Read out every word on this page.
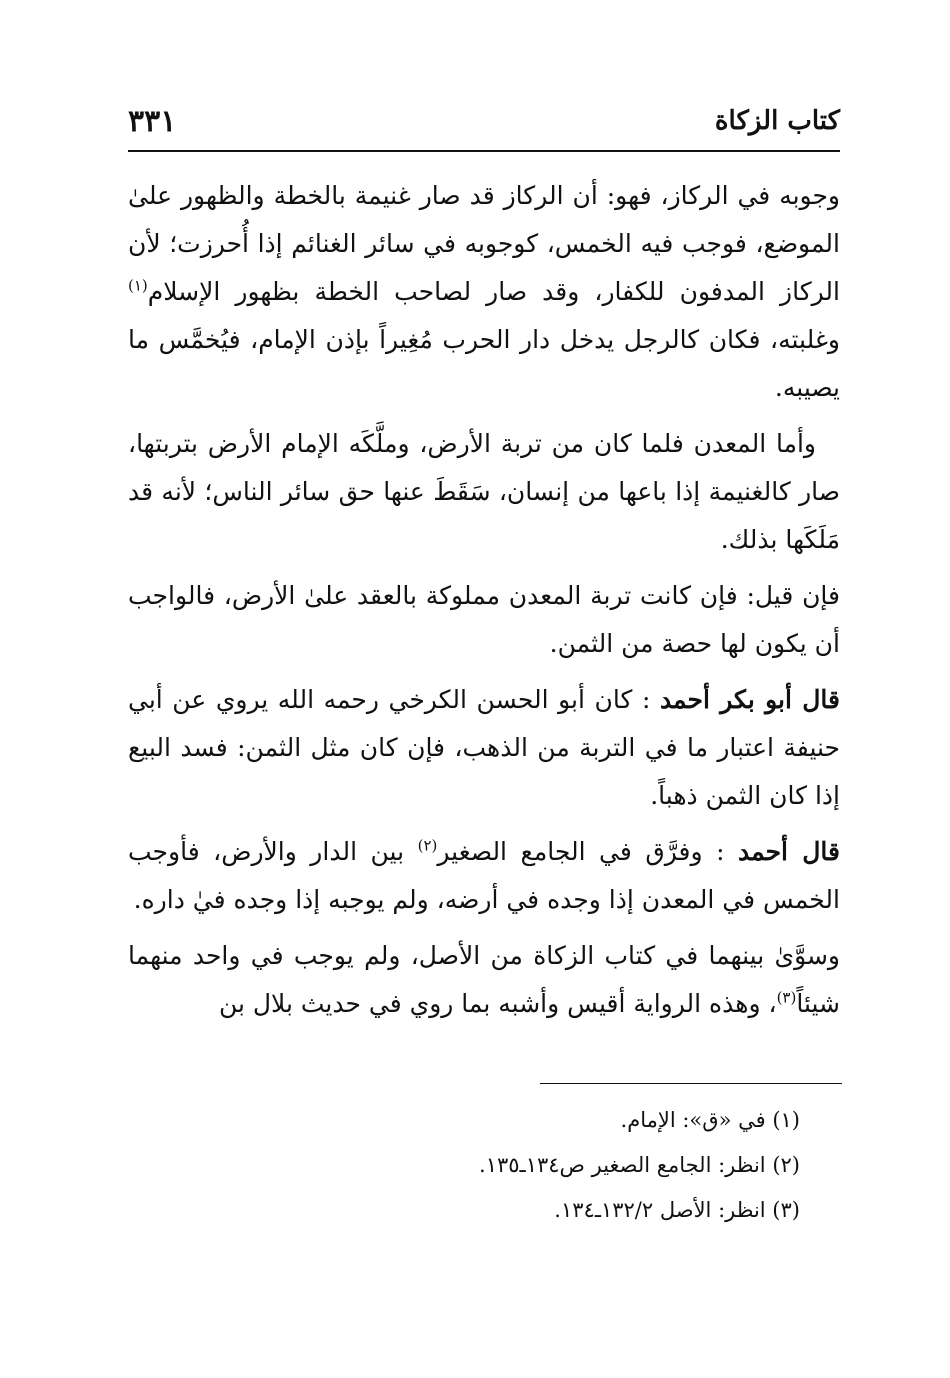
كتاب الزكاة
٣٣١

وجوبه في الركاز، فهو: أن الركاز قد صار غنيمة بالخطة والظهور علىٰ الموضع، فوجب فيه الخمس، كوجوبه في سائر الغنائم إذا أُحرزت؛ لأن الركاز المدفون للكفار، وقد صار لصاحب الخطة بظهور الإسلام$^{(١)}$ وغلبته، فكان كالرجل يدخل دار الحرب مُغِيراً بإذن الإمام، فيُخمَّس ما يصيبه.

وأما المعدن فلما كان من تربة الأرض، وملَّكَه الإمام الأرض بتربتها، صار كالغنيمة إذا باعها من إنسان، سَقَطَ عنها حق سائر الناس؛ لأنه قد مَلَكَها بذلك.

فإن قيل: فإن كانت تربة المعدن مملوكة بالعقد علىٰ الأرض، فالواجب أن يكون لها حصة من الثمن.

قال أبو بكر أحمد : كان أبو الحسن الكرخي رحمه الله يروي عن أبي حنيفة اعتبار ما في التربة من الذهب، فإن كان مثل الثمن: فسد البيع إذا كان الثمن ذهباً.

قال أحمد : وفرَّق في الجامع الصغير$^{(٢)}$ بين الدار والأرض، فأوجب الخمس في المعدن إذا وجده في أرضه، ولم يوجبه إذا وجده فيٰ داره.

وسوَّىٰ بينهما في كتاب الزكاة من الأصل، ولم يوجب في واحد منهما شيئاً$^{(٣)}$، وهذه الرواية أقيس وأشبه بما روي في حديث بلال بن

(١) في «ق»: الإمام.

(٢) انظر: الجامع الصغير ص١٣٤ـ١٣٥.

(٣) انظر: الأصل ١٣٢/٢ـ١٣٤.
